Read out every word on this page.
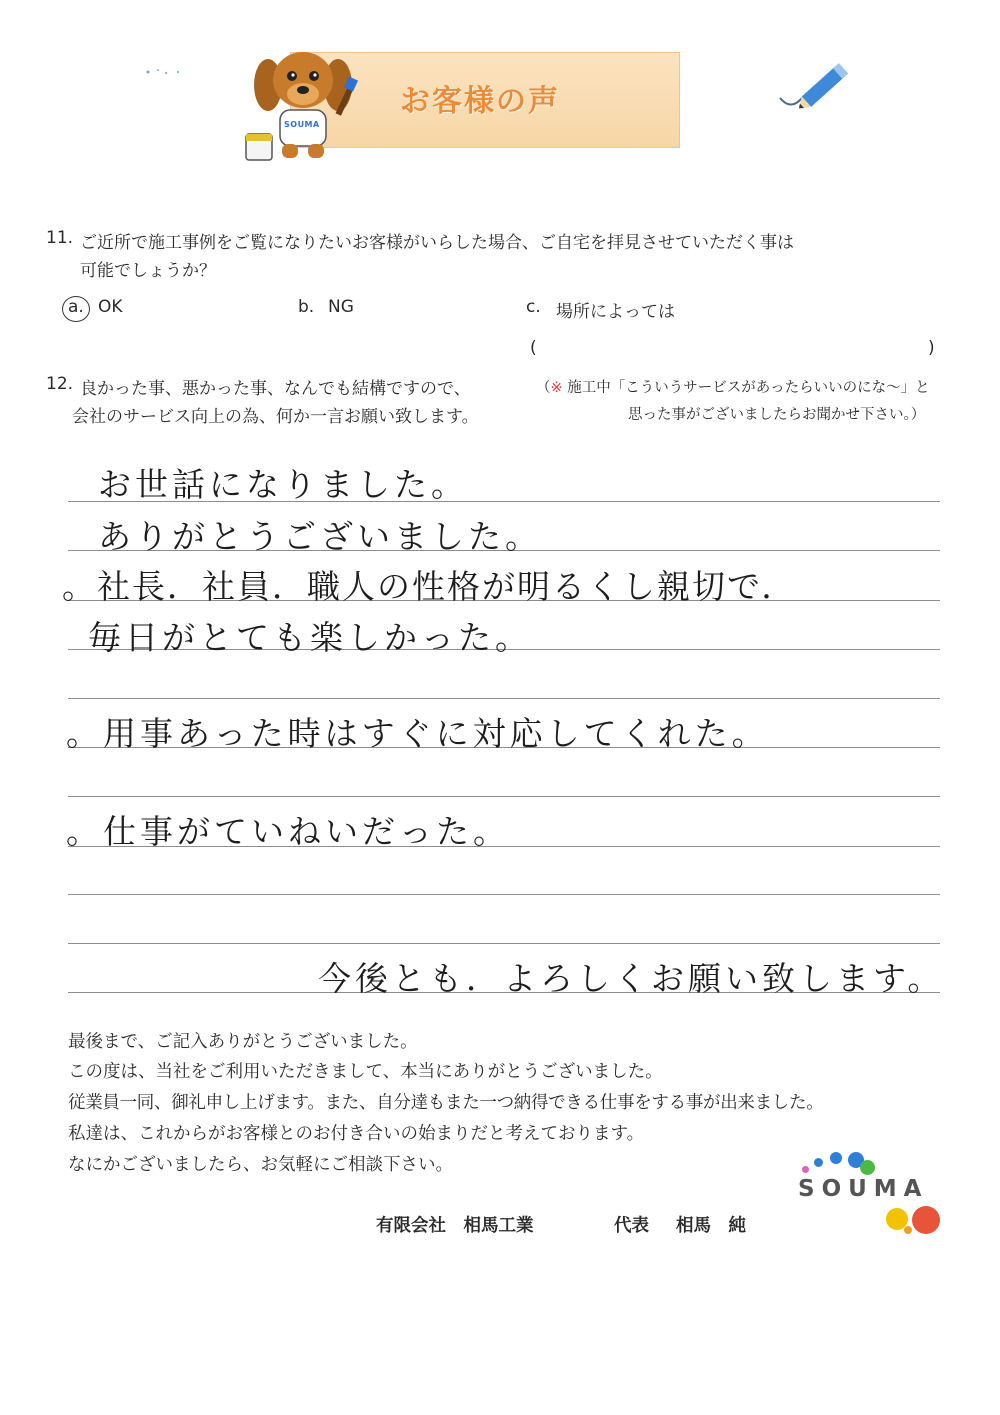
お客様の声
SOUMA
11. ご近所で施工事例をご覧になりたいお客様がいらした場合、ご自宅を拝見させていただく事は
可能でしょうか？
a. OK	b. NG	c. 場所によっては
(	)
12. 良かった事、悪かった事、なんでも結構ですので、
会社のサービス向上の為、何か一言お願い致します。
（※ 施工中「こういうサービスがあったらいいのにな～」と
思った事がございましたらお聞かせ下さい。）
お世話になりました。
ありがとうございました。
。社長．社員．職人の性格が明るくし親切で．
毎日がとても楽しかった。
。用事あった時はすぐに対応してくれた。
。仕事がていねいだった。
今後とも．よろしくお願い致します。
最後まで、ご記入ありがとうございました。
この度は、当社をご利用いただきまして、本当にありがとうございました。
従業員一同、御礼申し上げます。また、自分達もまた一つ納得できる仕事をする事が出来ました。
私達は、これからがお客様とのお付き合いの始まりだと考えております。
なにかございましたら、お気軽にご相談下さい。
有限会社　相馬工業	代表 相馬　純
SOUMA
